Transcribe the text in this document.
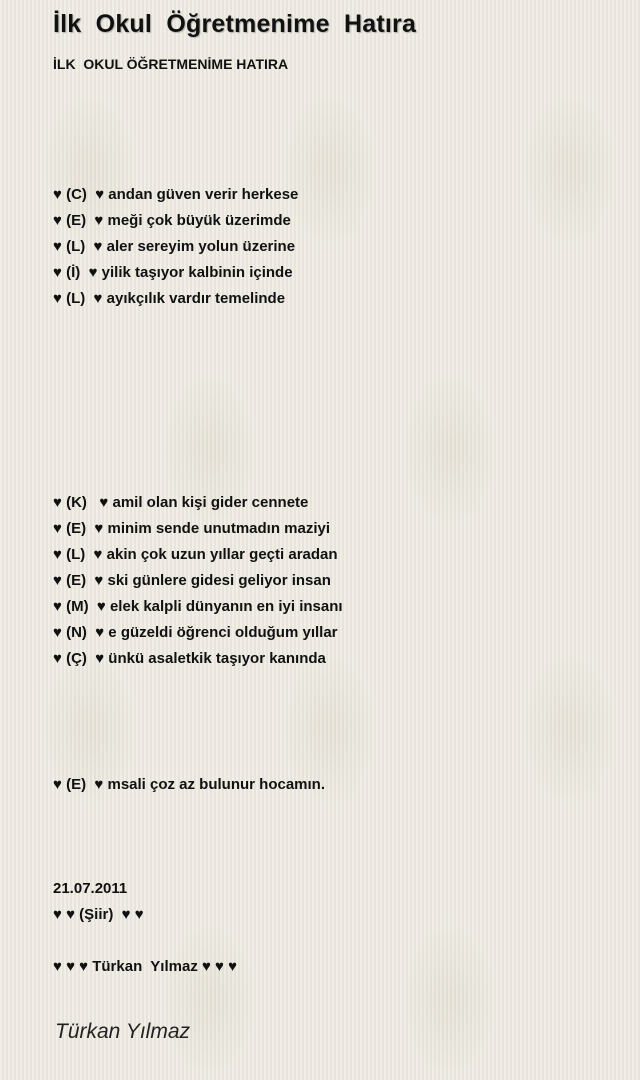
İlk  Okul  Öğretmenime  Hatıra
İLK  OKUL ÖĞRETMENİME HATIRA
♥ (C)  ♥ andan güven verir herkese
♥ (E)  ♥ meği çok büyük üzerimde
♥ (L)  ♥ aler sereyim yolun üzerine
♥ (İ)  ♥ yilik taşıyor kalbinin içinde
♥ (L)  ♥ ayıkçılık vardır temelinde
♥ (K)   ♥ amil olan kişi gider cennete
♥ (E)  ♥ minim sende unutmadın maziyi
♥ (L)  ♥ akin çok uzun yıllar geçti aradan
♥ (E)  ♥ ski günlere gidesi geliyor insan
♥ (M)  ♥ elek kalpli dünyanın en iyi insanı
♥ (N)  ♥ e güzeldi öğrenci olduğum yıllar
♥ (Ç)  ♥ ünkü asaletkik taşıyor kanında
♥ (E)  ♥ msali çoz az bulunur hocamın.
21.07.2011
♥ ♥ (Şiir)  ♥ ♥
♥ ♥ ♥ Türkan  Yılmaz ♥ ♥ ♥
Türkan Yılmaz
